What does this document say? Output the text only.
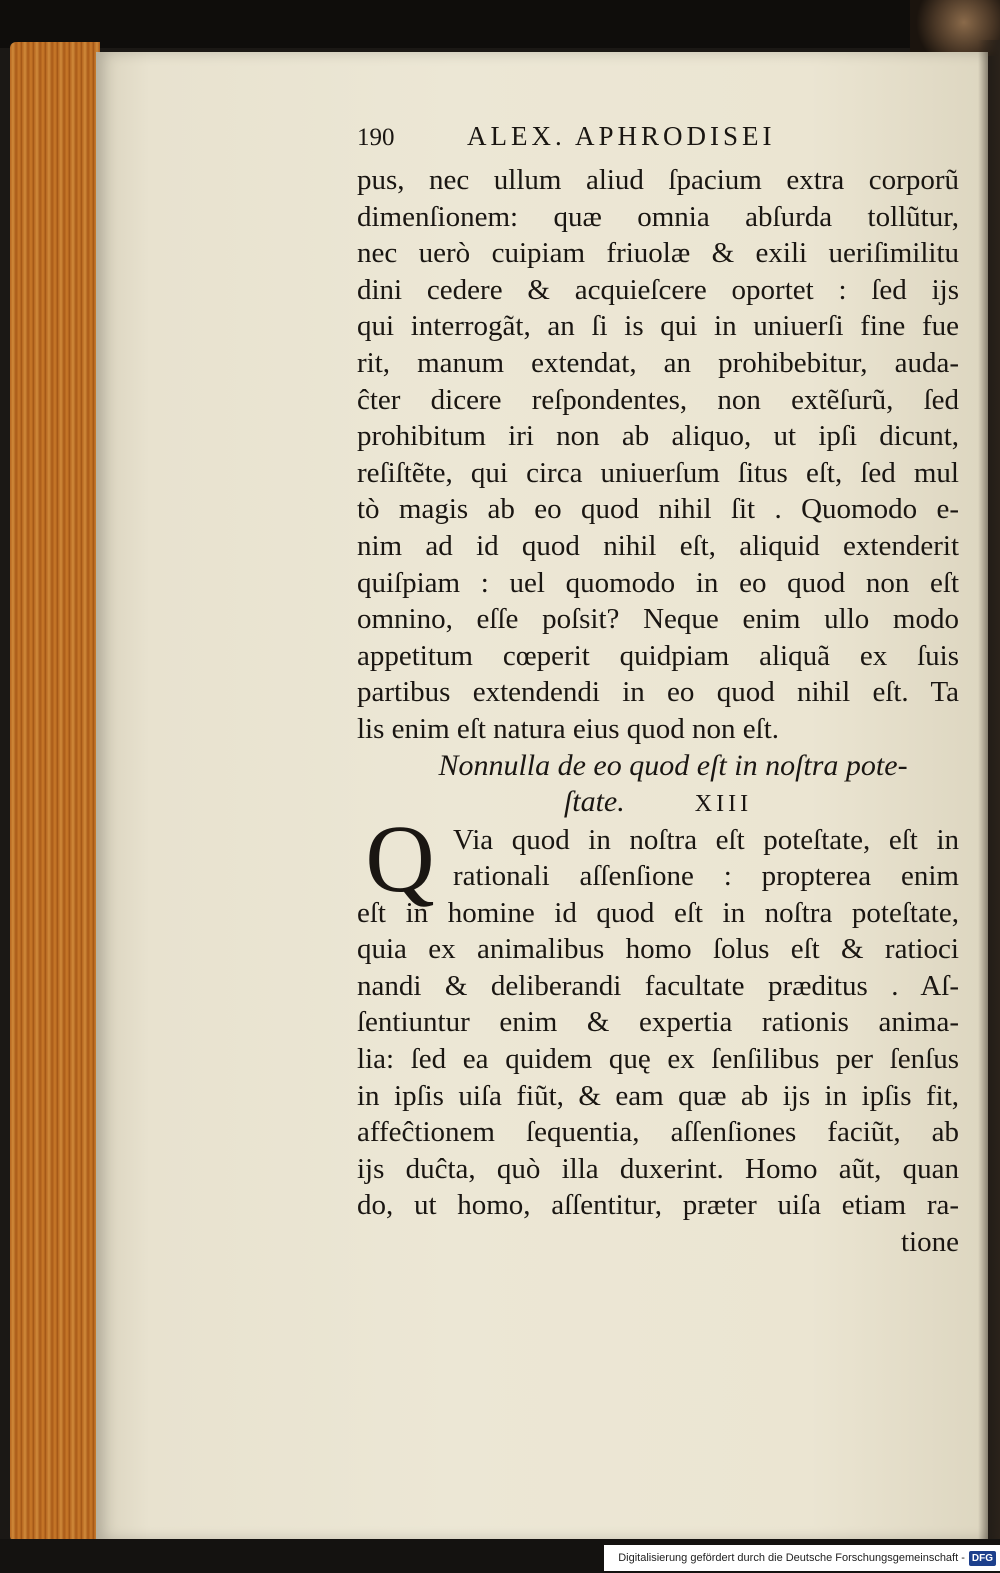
190	ALEX. APHRODISEI
pus, nec ullum aliud ſpacium extra corporũ
dimenſionem: quæ omnia abſurda tollũtur,
nec uerò cuipiam friuolæ & exili ueriſimilitu
dini cedere & acquieſcere oportet : ſed ijs
qui interrogãt, an ſi is qui in uniuerſi fine fue
rit, manum extendat, an prohibebitur, auda-
ĉter dicere reſpondentes, non extẽſurũ, ſed
prohibitum iri non ab aliquo, ut ipſi dicunt,
reſiſtẽte, qui circa uniuerſum ſitus eſt, ſed mul
tò magis ab eo quod nihil ſit . Quomodo e-
nim ad id quod nihil eſt, aliquid extenderit
quiſpiam : uel quomodo in eo quod non eſt
omnino, eſſe poſsit? Neque enim ullo modo
appetitum cœperit quidpiam aliquã ex ſuis
partibus extendendi in eo quod nihil eſt. Ta
lis enim eſt natura eius quod non eſt.
Nonnulla de eo quod eſt in noſtra pote-
ſtate.	XIII
Q Via quod in noſtra eſt poteſtate, eſt in
rationali aſſenſione : propterea enim
eſt in homine id quod eſt in noſtra poteſtate,
quia ex animalibus homo ſolus eſt & ratioci
nandi & deliberandi facultate præditus . Aſ-
ſentiuntur enim & expertia rationis anima-
lia: ſed ea quidem quę ex ſenſilibus per ſenſus
in ipſis uiſa fiũt, & eam quæ ab ijs in ipſis fit,
affeĉtionem ſequentia, aſſenſiones faciũt, ab
ijs duĉta, quò illa duxerint. Homo aũt, quan
do, ut homo, aſſentitur, præter uiſa etiam ra-
tione
Digitalisierung gefördert durch die Deutsche Forschungsgemeinschaft - DFG
